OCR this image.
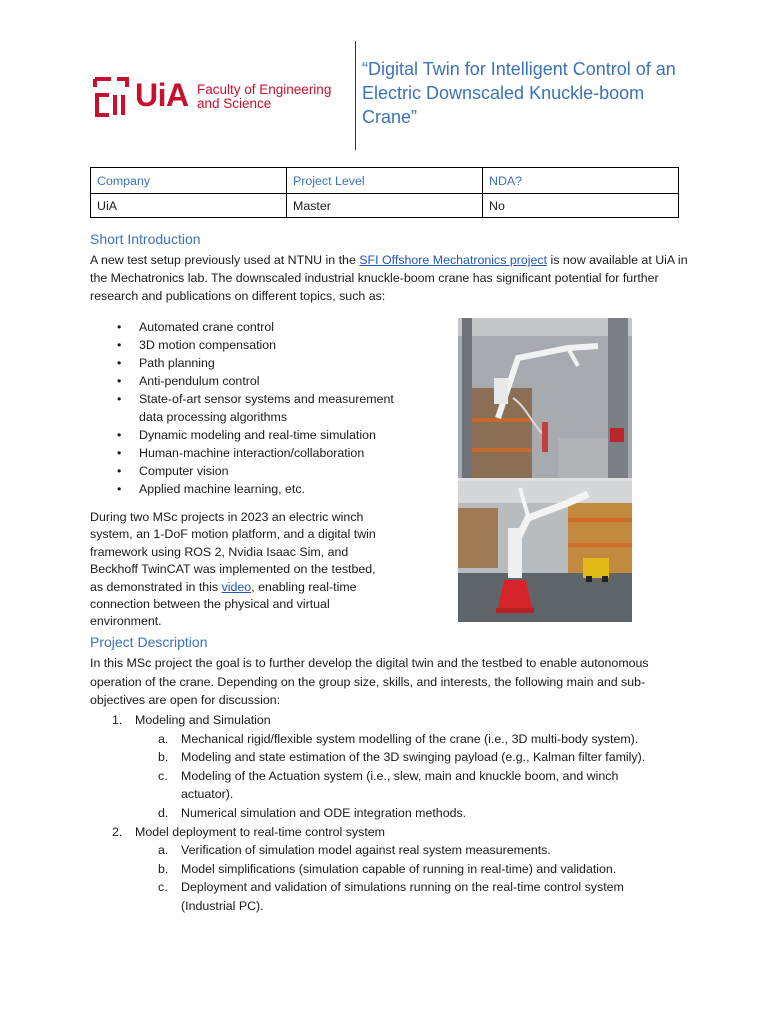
UiA Faculty of Engineering
and Science
“Digital Twin for Intelligent Control of an Electric Downscaled Knuckle-boom Crane”
Company	Project Level	NDA?
UiA	Master	No
Short Introduction
A new test setup previously used at NTNU in the SFI Offshore Mechatronics project is now available at UiA in the Mechatronics lab. The downscaled industrial knuckle-boom crane has significant potential for further research and publications on different topics, such as:
• Automated crane control
• 3D motion compensation
• Path planning
• Anti-pendulum control
• State-of-art sensor systems and measurement data processing algorithms
• Dynamic modeling and real-time simulation
• Human-machine interaction/collaboration
• Computer vision
• Applied machine learning, etc.
During two MSc projects in 2023 an electric winch system, an 1-DoF motion platform, and a digital twin framework using ROS 2, Nvidia Isaac Sim, and Beckhoff TwinCAT was implemented on the testbed, as demonstrated in this video, enabling real-time connection between the physical and virtual environment.
Project Description
In this MSc project the goal is to further develop the digital twin and the testbed to enable autonomous operation of the crane. Depending on the group size, skills, and interests, the following main and sub-objectives are open for discussion:
1. Modeling and Simulation
a. Mechanical rigid/flexible system modelling of the crane (i.e., 3D multi-body system).
b. Modeling and state estimation of the 3D swinging payload (e.g., Kalman filter family).
c. Modeling of the Actuation system (i.e., slew, main and knuckle boom, and winch actuator).
d. Numerical simulation and ODE integration methods.
2. Model deployment to real-time control system
a. Verification of simulation model against real system measurements.
b. Model simplifications (simulation capable of running in real-time) and validation.
c. Deployment and validation of simulations running on the real-time control system (Industrial PC).
